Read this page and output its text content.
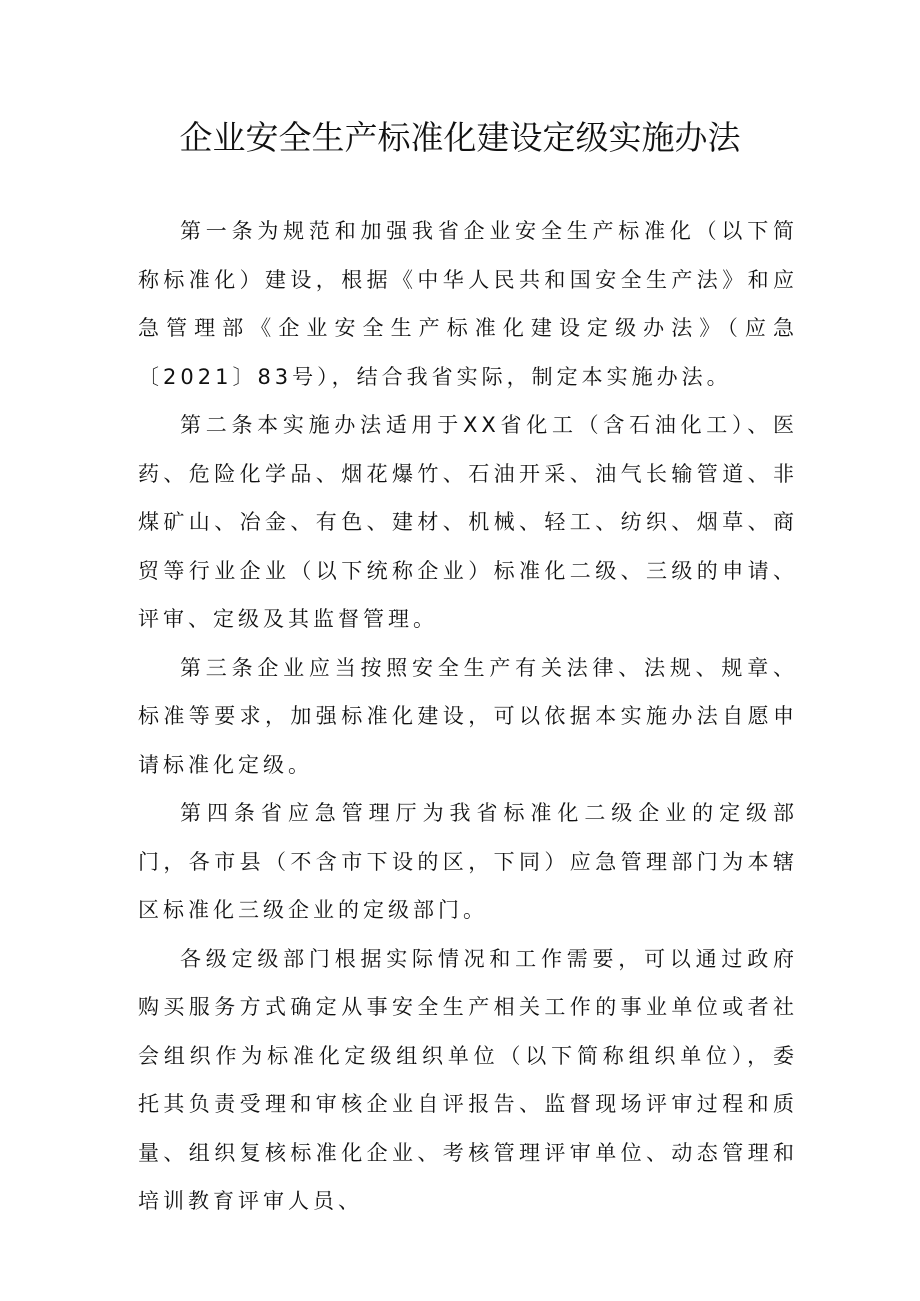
企业安全生产标准化建设定级实施办法

第一条为规范和加强我省企业安全生产标准化（以下简称标准化）建设，根据《中华人民共和国安全生产法》和应急管理部《企业安全生产标准化建设定级办法》（应急〔2021〕83号），结合我省实际，制定本实施办法。

第二条本实施办法适用于XX省化工（含石油化工）、医药、危险化学品、烟花爆竹、石油开采、油气长输管道、非煤矿山、冶金、有色、建材、机械、轻工、纺织、烟草、商贸等行业企业（以下统称企业）标准化二级、三级的申请、评审、定级及其监督管理。

第三条企业应当按照安全生产有关法律、法规、规章、标准等要求，加强标准化建设，可以依据本实施办法自愿申请标准化定级。

第四条省应急管理厅为我省标准化二级企业的定级部门，各市县（不含市下设的区，下同）应急管理部门为本辖区标准化三级企业的定级部门。

各级定级部门根据实际情况和工作需要，可以通过政府购买服务方式确定从事安全生产相关工作的事业单位或者社会组织作为标准化定级组织单位（以下简称组织单位），委托其负责受理和审核企业自评报告、监督现场评审过程和质量、组织复核标准化企业、考核管理评审单位、动态管理和培训教育评审人员、
